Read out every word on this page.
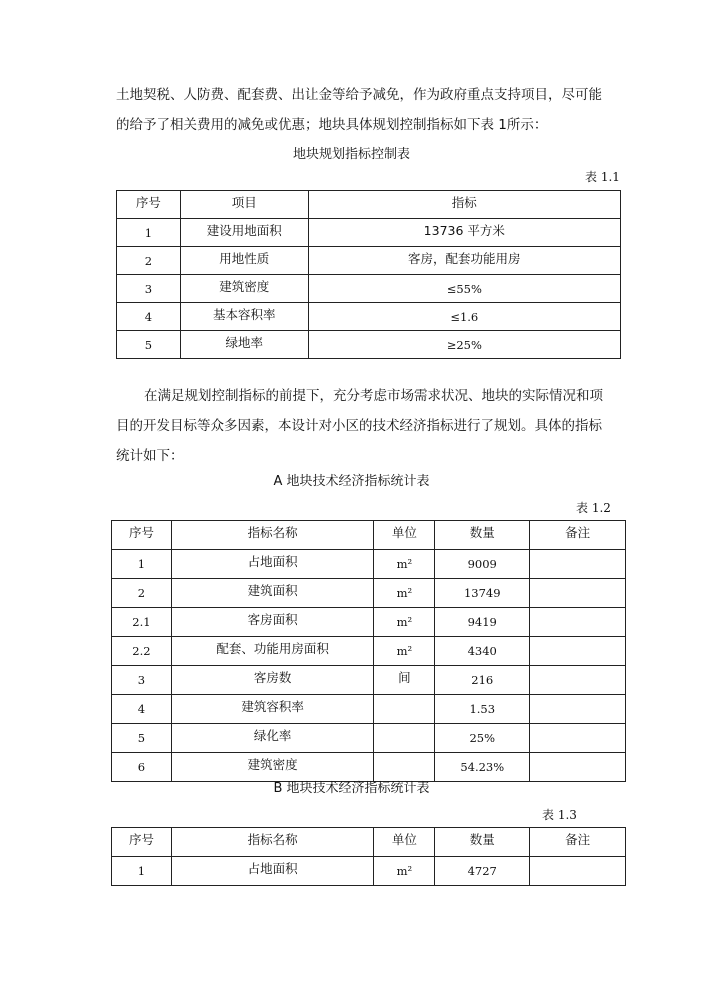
土地契税、人防费、配套费、出让金等给予减免，作为政府重点支持项目，尽可能的给予了相关费用的减免或优惠；地块具体规划控制指标如下表 1所示：

地块规划指标控制表
表 1.1
序号	项目	指标
1	建设用地面积	13736 平方米
2	用地性质	客房，配套功能用房
3	建筑密度	≤55%
4	基本容积率	≤1.6
5	绿地率	≥25%

在满足规划控制指标的前提下，充分考虑市场需求状况、地块的实际情况和项目的开发目标等众多因素，本设计对小区的技术经济指标进行了规划。具体的指标统计如下：

A 地块技术经济指标统计表
表 1.2
序号	指标名称	单位	数量	备注
1	占地面积	m²	9009	
2	建筑面积	m²	13749	
2.1	客房面积	m²	9419	
2.2	配套、功能用房面积	m²	4340	
3	客房数	间	216	
4	建筑容积率		1.53	
5	绿化率		25%	
6	建筑密度		54.23%	
B 地块技术经济指标统计表
表 1.3
序号	指标名称	单位	数量	备注
1	占地面积	m²	4727	
